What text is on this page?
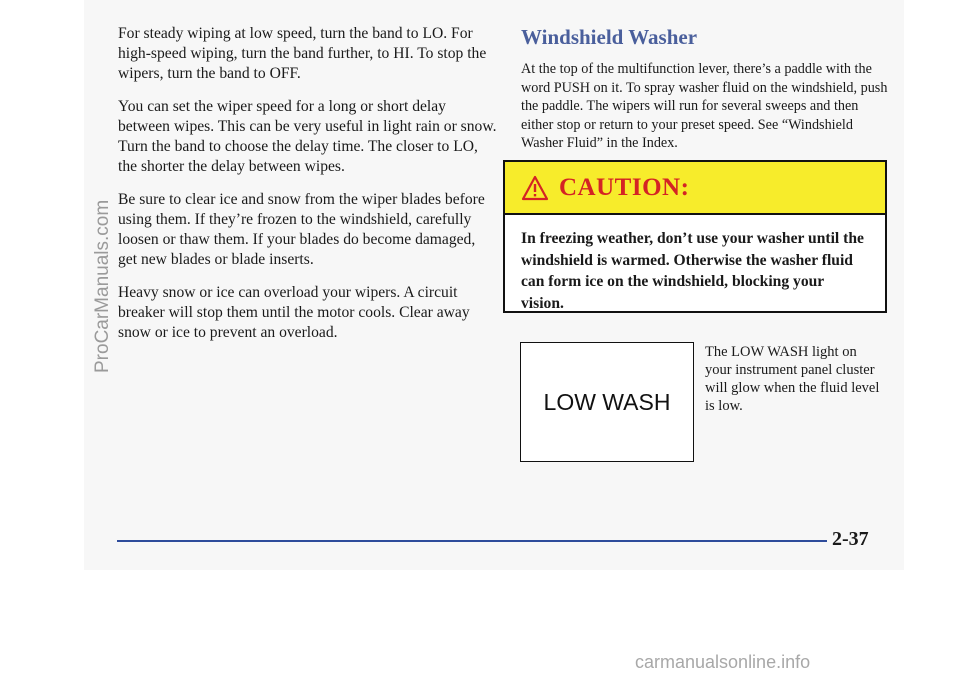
For steady wiping at low speed, turn the band to LO. For high-speed wiping, turn the band further, to HI. To stop the wipers, turn the band to OFF.

You can set the wiper speed for a long or short delay between wipes. This can be very useful in light rain or snow. Turn the band to choose the delay time. The closer to LO, the shorter the delay between wipes.

Be sure to clear ice and snow from the wiper blades before using them. If they’re frozen to the windshield, carefully loosen or thaw them. If your blades do become damaged, get new blades or blade inserts.

Heavy snow or ice can overload your wipers. A circuit breaker will stop them until the motor cools. Clear away snow or ice to prevent an overload.

Windshield Washer

At the top of the multifunction lever, there’s a paddle with the word PUSH on it. To spray washer fluid on the windshield, push the paddle. The wipers will run for several sweeps and then either stop or return to your preset speed. See “Windshield Washer Fluid” in the Index.

CAUTION:
In freezing weather, don’t use your washer until the windshield is warmed. Otherwise the washer fluid can form ice on the windshield, blocking your vision.
LOW WASH
The LOW WASH light on your instrument panel cluster will glow when the fluid level is low.
2-37
ProCarManuals.com
carmanualsonline.info
